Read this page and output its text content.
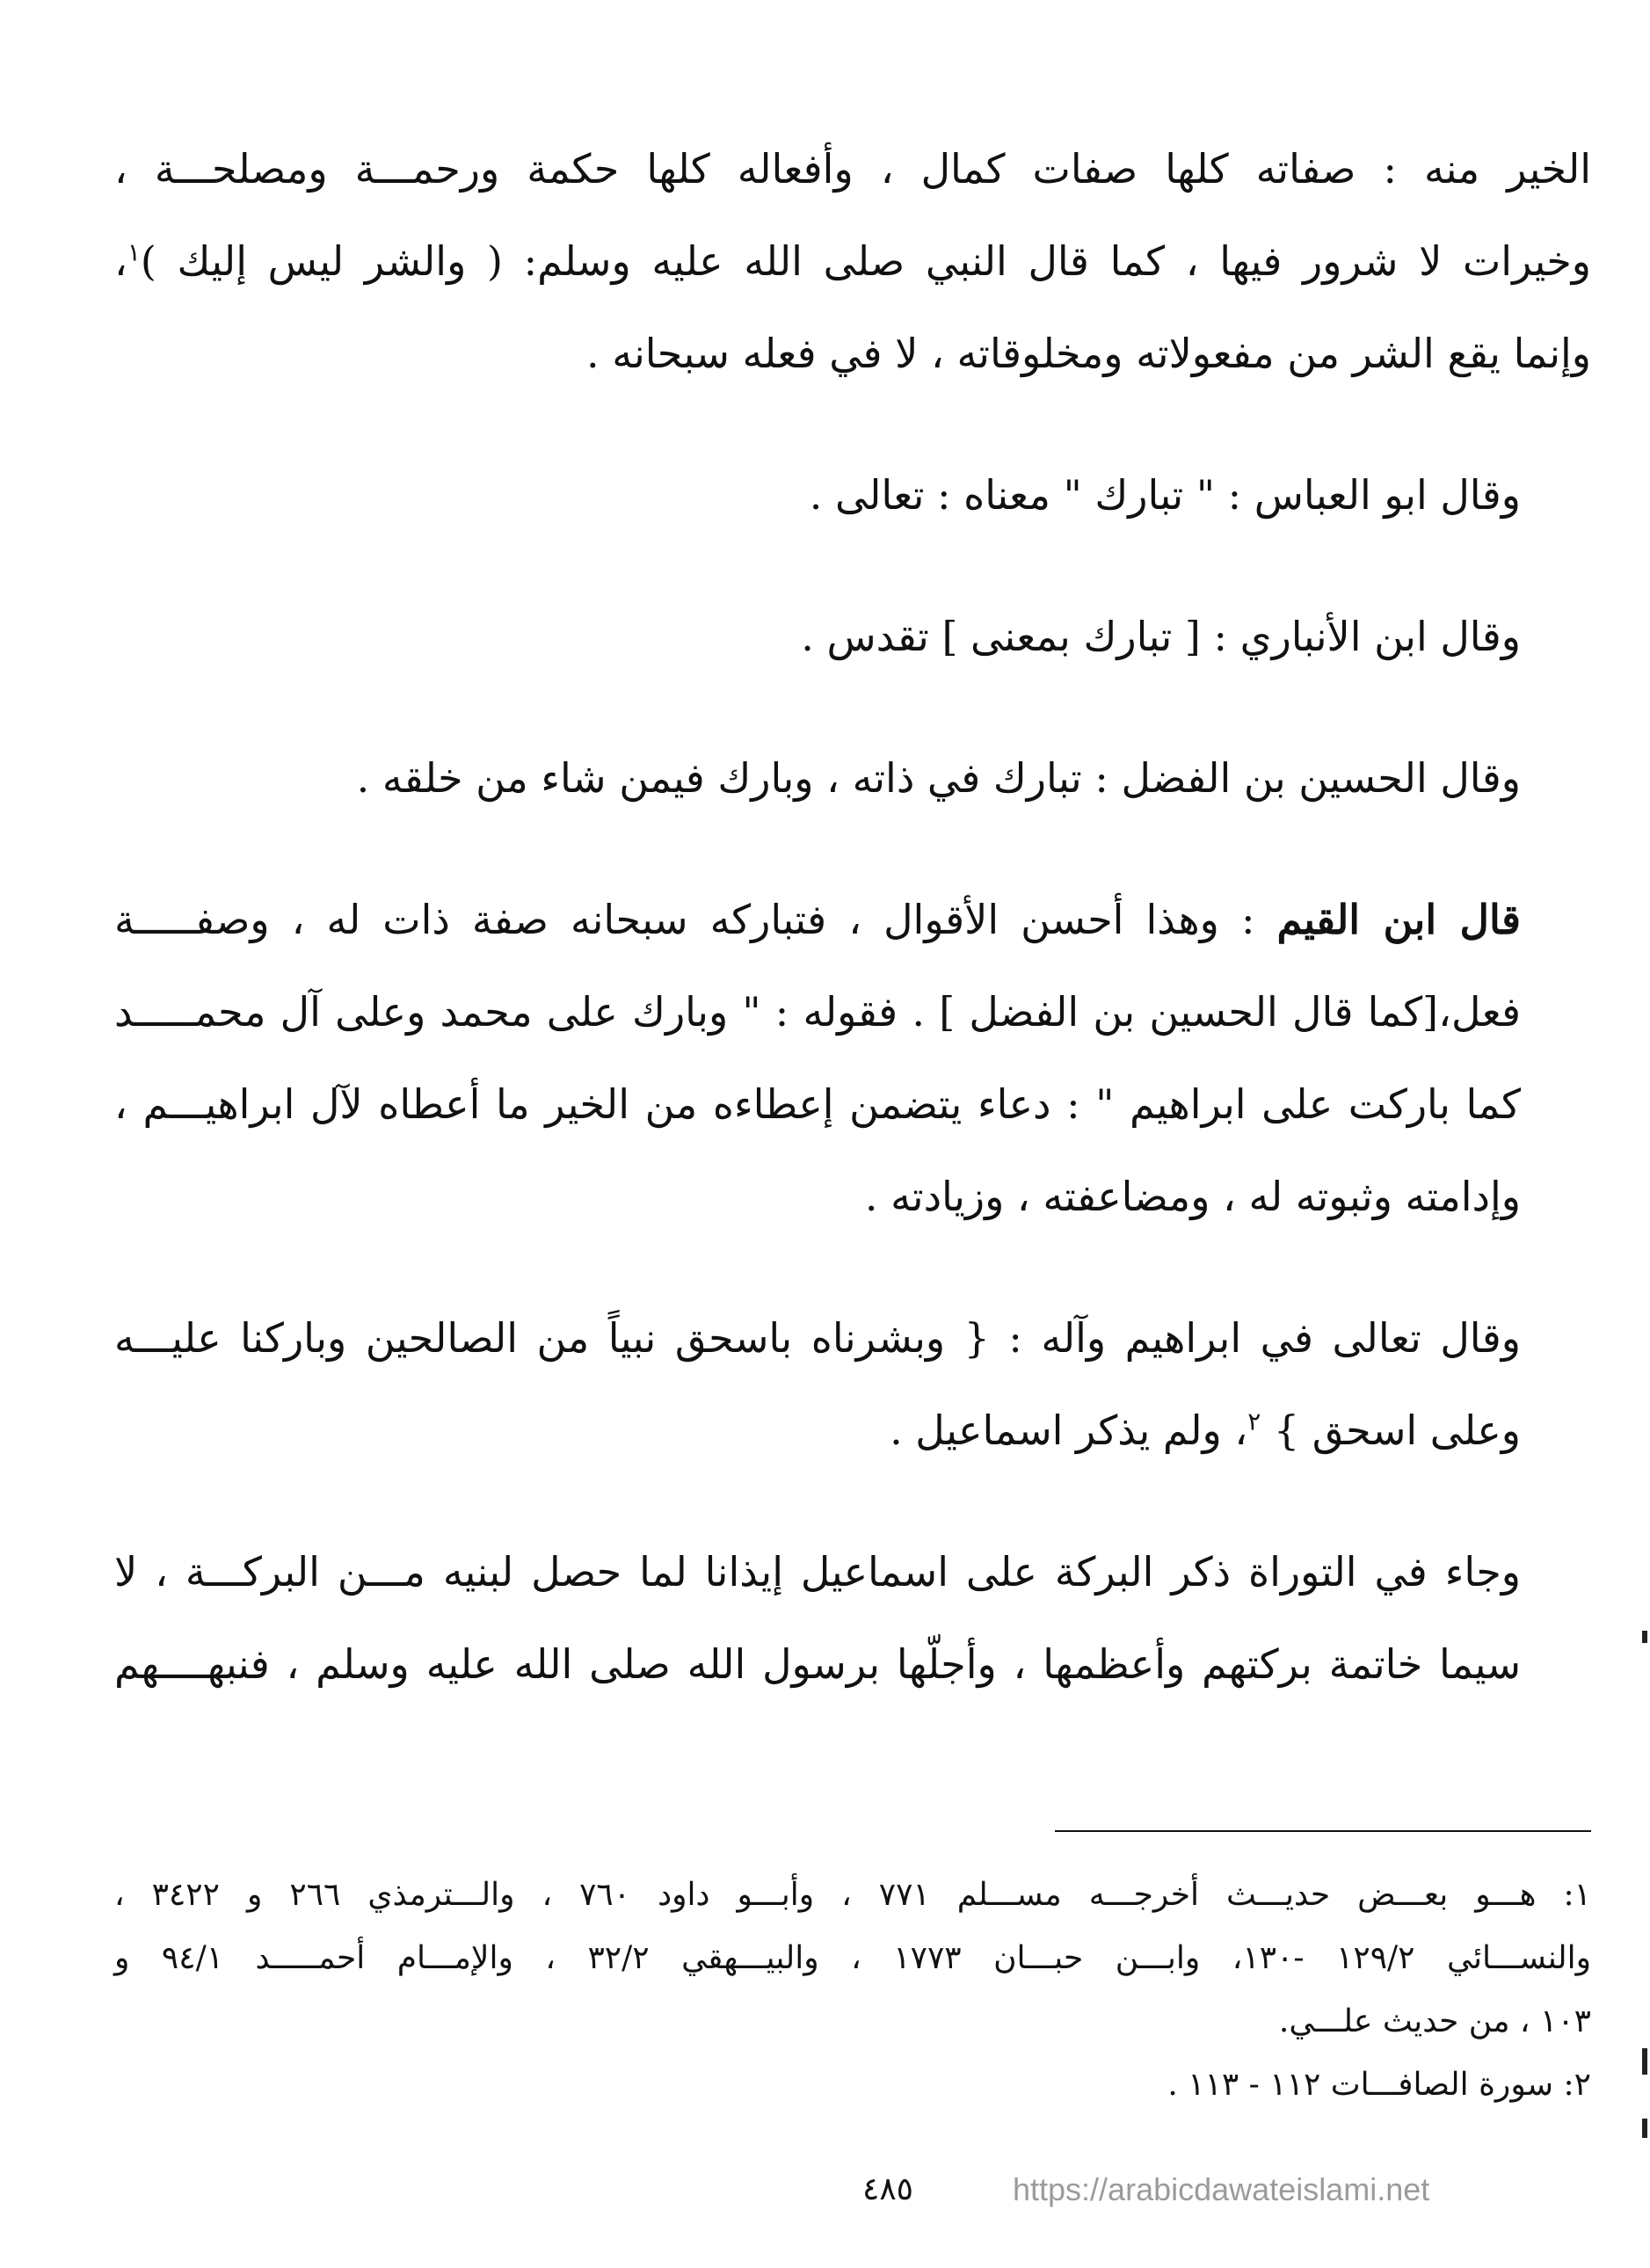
الخير منه : صفاته كلها صفات كمال ، وأفعاله كلها حكمة ورحمـــة ومصلحـــة ،
وخيرات لا شرور فيها ، كما قال النبي صلى الله عليه وسلم: ( والشر ليس إليك )$^١$،
وإنما يقع الشر من مفعولاته ومخلوقاته ، لا في فعله سبحانه .

وقال ابو العباس : " تبارك " معناه : تعالى .

وقال ابن الأنباري : [ تبارك بمعنى ] تقدس .

وقال الحسين بن الفضل : تبارك في ذاته ، وبارك فيمن شاء من خلقه .

قال ابن القيم : وهذا أحسن الأقوال ، فتباركه سبحانه صفة ذات له ، وصفـــــة
فعل،[كما قال الحسين بن الفضل ] . فقوله : " وبارك على محمد وعلى آل محمـــــد
كما باركت على ابراهيم " : دعاء يتضمن إعطاءه من الخير ما أعطاه لآل ابراهيـــم ،
وإدامته وثبوته له ، ومضاعفته ، وزيادته .

وقال تعالى في ابراهيم وآله : { وبشرناه باسحق نبياً من الصالحين وباركنا عليـــه
وعلى اسحق } $^٢$، ولم يذكر اسماعيل .

وجاء في التوراة ذكر البركة على اسماعيل إيذانا لما حصل لبنيه مـــن البركـــة ، لا
سيما خاتمة بركتهم وأعظمها ، وأجلّها برسول الله صلى الله عليه وسلم ، فنبهــــهم

١: هـــو بعـــض حديـــث أخرجـــه مســـلم ٧٧١ ، وأبـــو داود ٧٦٠ ، والـــترمذي ٢٦٦ و ٣٤٢٢ ،
والنســـائي ١٢٩/٢ -١٣٠، وابـــن حبـــان ١٧٧٣ ، والبيـــهقي ٣٢/٢ ، والإمـــام أحمـــــد ٩٤/١ و
١٠٣ ، من حديث علـــي.

٢: سورة الصافـــات ١١٢ - ١١٣ .

٤٨٥	https://arabicdawateislami.net
